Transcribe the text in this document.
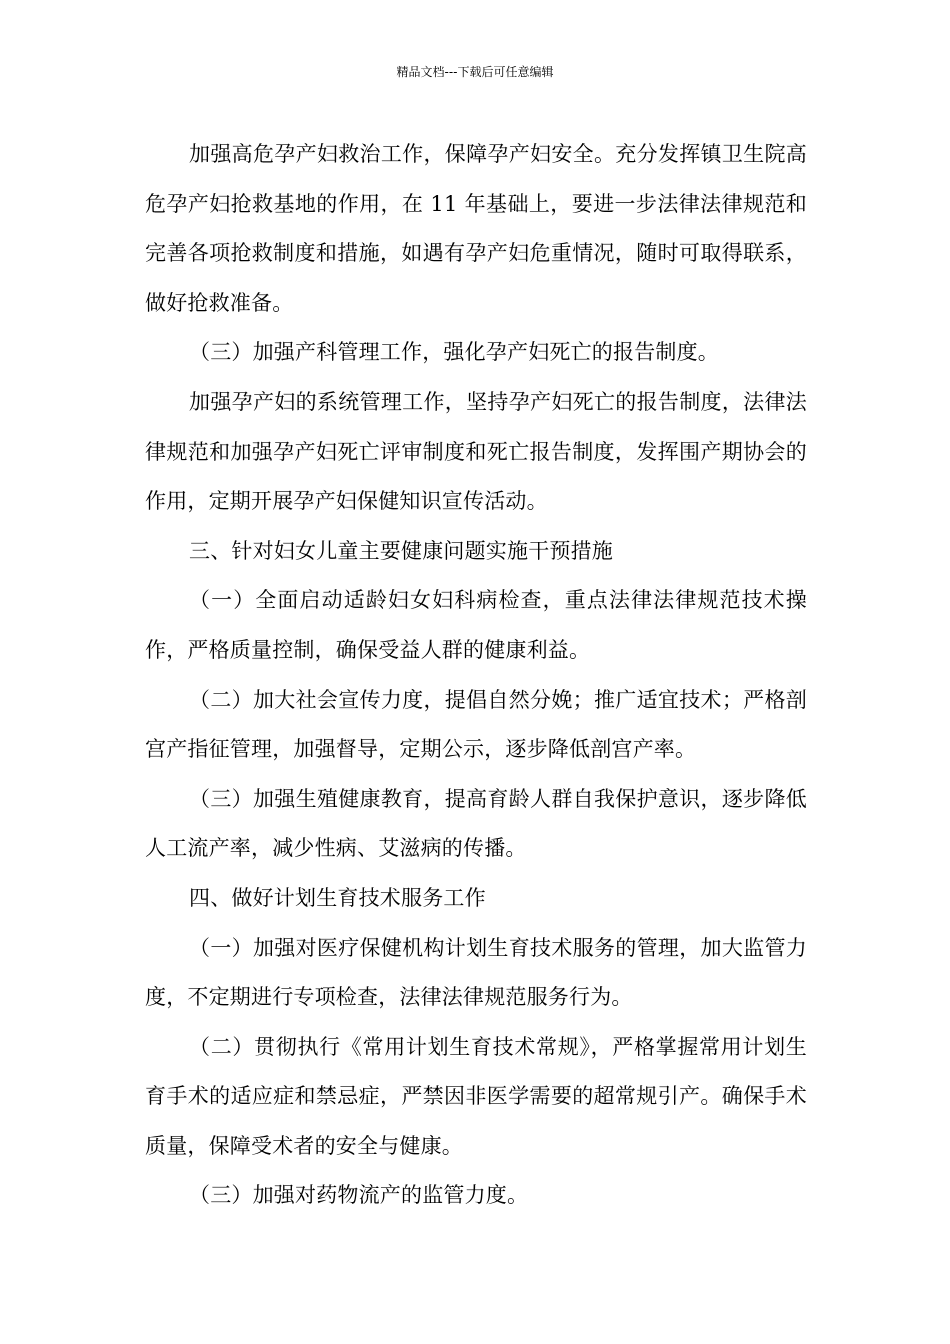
精品文档---下载后可任意编辑

加强高危孕产妇救治工作，保障孕产妇安全。充分发挥镇卫生院高危孕产妇抢救基地的作用，在 11 年基础上，要进一步法律法律规范和完善各项抢救制度和措施，如遇有孕产妇危重情况，随时可取得联系，做好抢救准备。

（三）加强产科管理工作，强化孕产妇死亡的报告制度。

加强孕产妇的系统管理工作，坚持孕产妇死亡的报告制度，法律法律规范和加强孕产妇死亡评审制度和死亡报告制度，发挥围产期协会的作用，定期开展孕产妇保健知识宣传活动。

三、针对妇女儿童主要健康问题实施干预措施

（一）全面启动适龄妇女妇科病检查，重点法律法律规范技术操作，严格质量控制，确保受益人群的健康利益。

（二）加大社会宣传力度，提倡自然分娩；推广适宜技术；严格剖宫产指征管理，加强督导，定期公示，逐步降低剖宫产率。

（三）加强生殖健康教育，提高育龄人群自我保护意识，逐步降低人工流产率，减少性病、艾滋病的传播。

四、做好计划生育技术服务工作

（一）加强对医疗保健机构计划生育技术服务的管理，加大监管力度，不定期进行专项检查，法律法律规范服务行为。

（二）贯彻执行《常用计划生育技术常规》，严格掌握常用计划生育手术的适应症和禁忌症，严禁因非医学需要的超常规引产。确保手术质量，保障受术者的安全与健康。

（三）加强对药物流产的监管力度。
